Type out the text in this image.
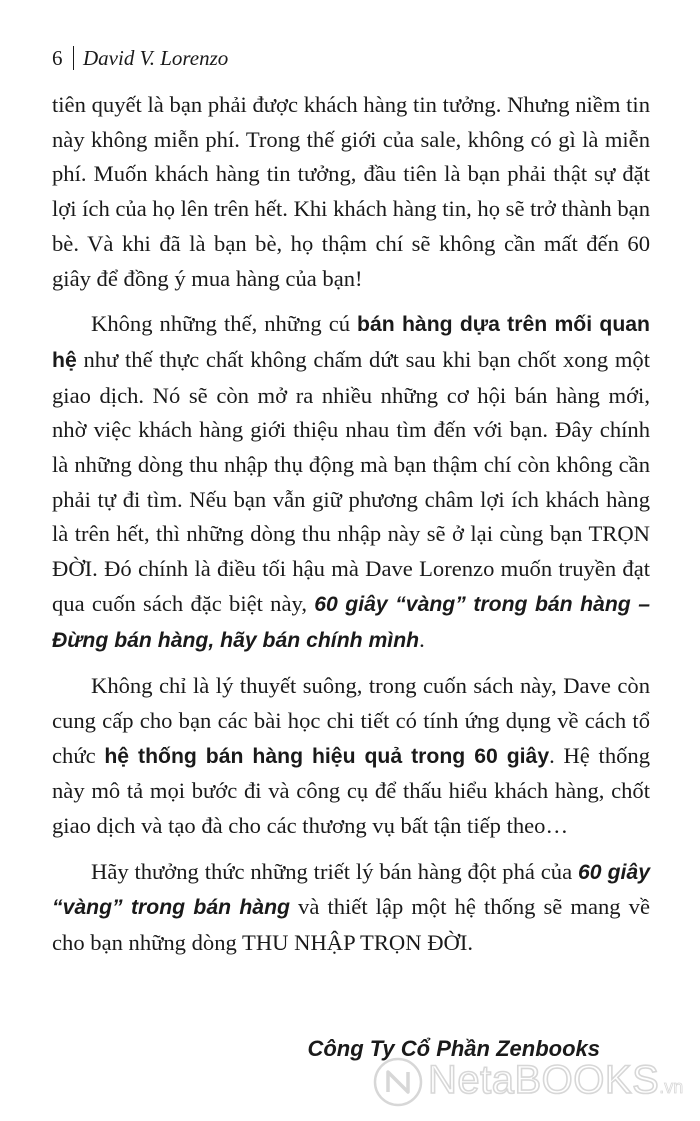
6 David V. Lorenzo

tiên quyết là bạn phải được khách hàng tin tưởng. Nhưng niềm tin này không miễn phí. Trong thế giới của sale, không có gì là miễn phí. Muốn khách hàng tin tưởng, đầu tiên là bạn phải thật sự đặt lợi ích của họ lên trên hết. Khi khách hàng tin, họ sẽ trở thành bạn bè. Và khi đã là bạn bè, họ thậm chí sẽ không cần mất đến 60 giây để đồng ý mua hàng của bạn!

Không những thế, những cú bán hàng dựa trên mối quan hệ như thế thực chất không chấm dứt sau khi bạn chốt xong một giao dịch. Nó sẽ còn mở ra nhiều những cơ hội bán hàng mới, nhờ việc khách hàng giới thiệu nhau tìm đến với bạn. Đây chính là những dòng thu nhập thụ động mà bạn thậm chí còn không cần phải tự đi tìm. Nếu bạn vẫn giữ phương châm lợi ích khách hàng là trên hết, thì những dòng thu nhập này sẽ ở lại cùng bạn TRỌN ĐỜI. Đó chính là điều tối hậu mà Dave Lorenzo muốn truyền đạt qua cuốn sách đặc biệt này, 60 giây “vàng” trong bán hàng – Đừng bán hàng, hãy bán chính mình.

Không chỉ là lý thuyết suông, trong cuốn sách này, Dave còn cung cấp cho bạn các bài học chi tiết có tính ứng dụng về cách tổ chức hệ thống bán hàng hiệu quả trong 60 giây. Hệ thống này mô tả mọi bước đi và công cụ để thấu hiểu khách hàng, chốt giao dịch và tạo đà cho các thương vụ bất tận tiếp theo…

Hãy thưởng thức những triết lý bán hàng đột phá của 60 giây “vàng” trong bán hàng và thiết lập một hệ thống sẽ mang về cho bạn những dòng THU NHẬP TRỌN ĐỜI.

NetaBOOKS.vn
Công Ty Cổ Phần Zenbooks
